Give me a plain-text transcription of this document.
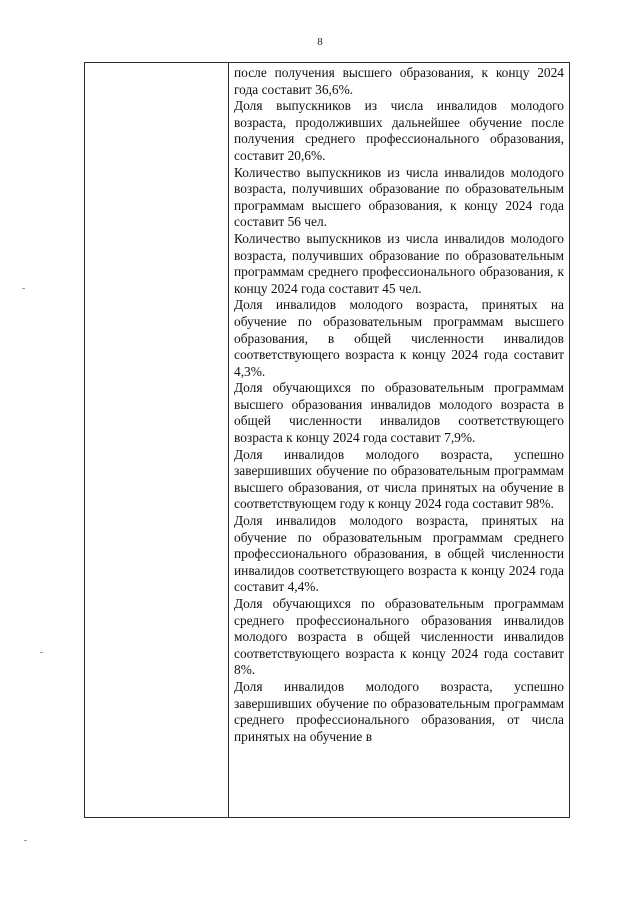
8

после получения высшего образования, к концу 2024 года составит 36,6%.

Доля выпускников из числа инвалидов молодого возраста, продолживших дальнейшее обучение после получения среднего профессионального образования, составит 20,6%.

Количество выпускников из числа инвалидов молодого возраста, получивших образование по образовательным программам высшего образования, к концу 2024 года составит 56 чел.

Количество выпускников из числа инвалидов молодого возраста, получивших образование по образовательным программам среднего профессионального образования, к концу 2024 года составит 45 чел.

Доля инвалидов молодого возраста, принятых на обучение по образовательным программам высшего образования, в общей численности инвалидов соответствующего возраста к концу 2024 года составит 4,3%.

Доля обучающихся по образовательным программам высшего образования инвалидов молодого возраста в общей численности инвалидов соответствующего возраста к концу 2024 года составит 7,9%.

Доля инвалидов молодого возраста, успешно завершивших обучение по образовательным программам высшего образования, от числа принятых на обучение в соответствующем году к концу 2024 года составит 98%.

Доля инвалидов молодого возраста, принятых на обучение по образовательным программам среднего профессионального образования, в общей численности инвалидов соответствующего возраста к концу 2024 года составит 4,4%.

Доля обучающихся по образовательным программам среднего профессионального образования инвалидов молодого возраста в общей численности инвалидов соответствующего возраста к концу 2024 года составит 8%.

Доля инвалидов молодого возраста, успешно завершивших обучение по образовательным программам среднего профессионального образования, от числа принятых на обучение в
